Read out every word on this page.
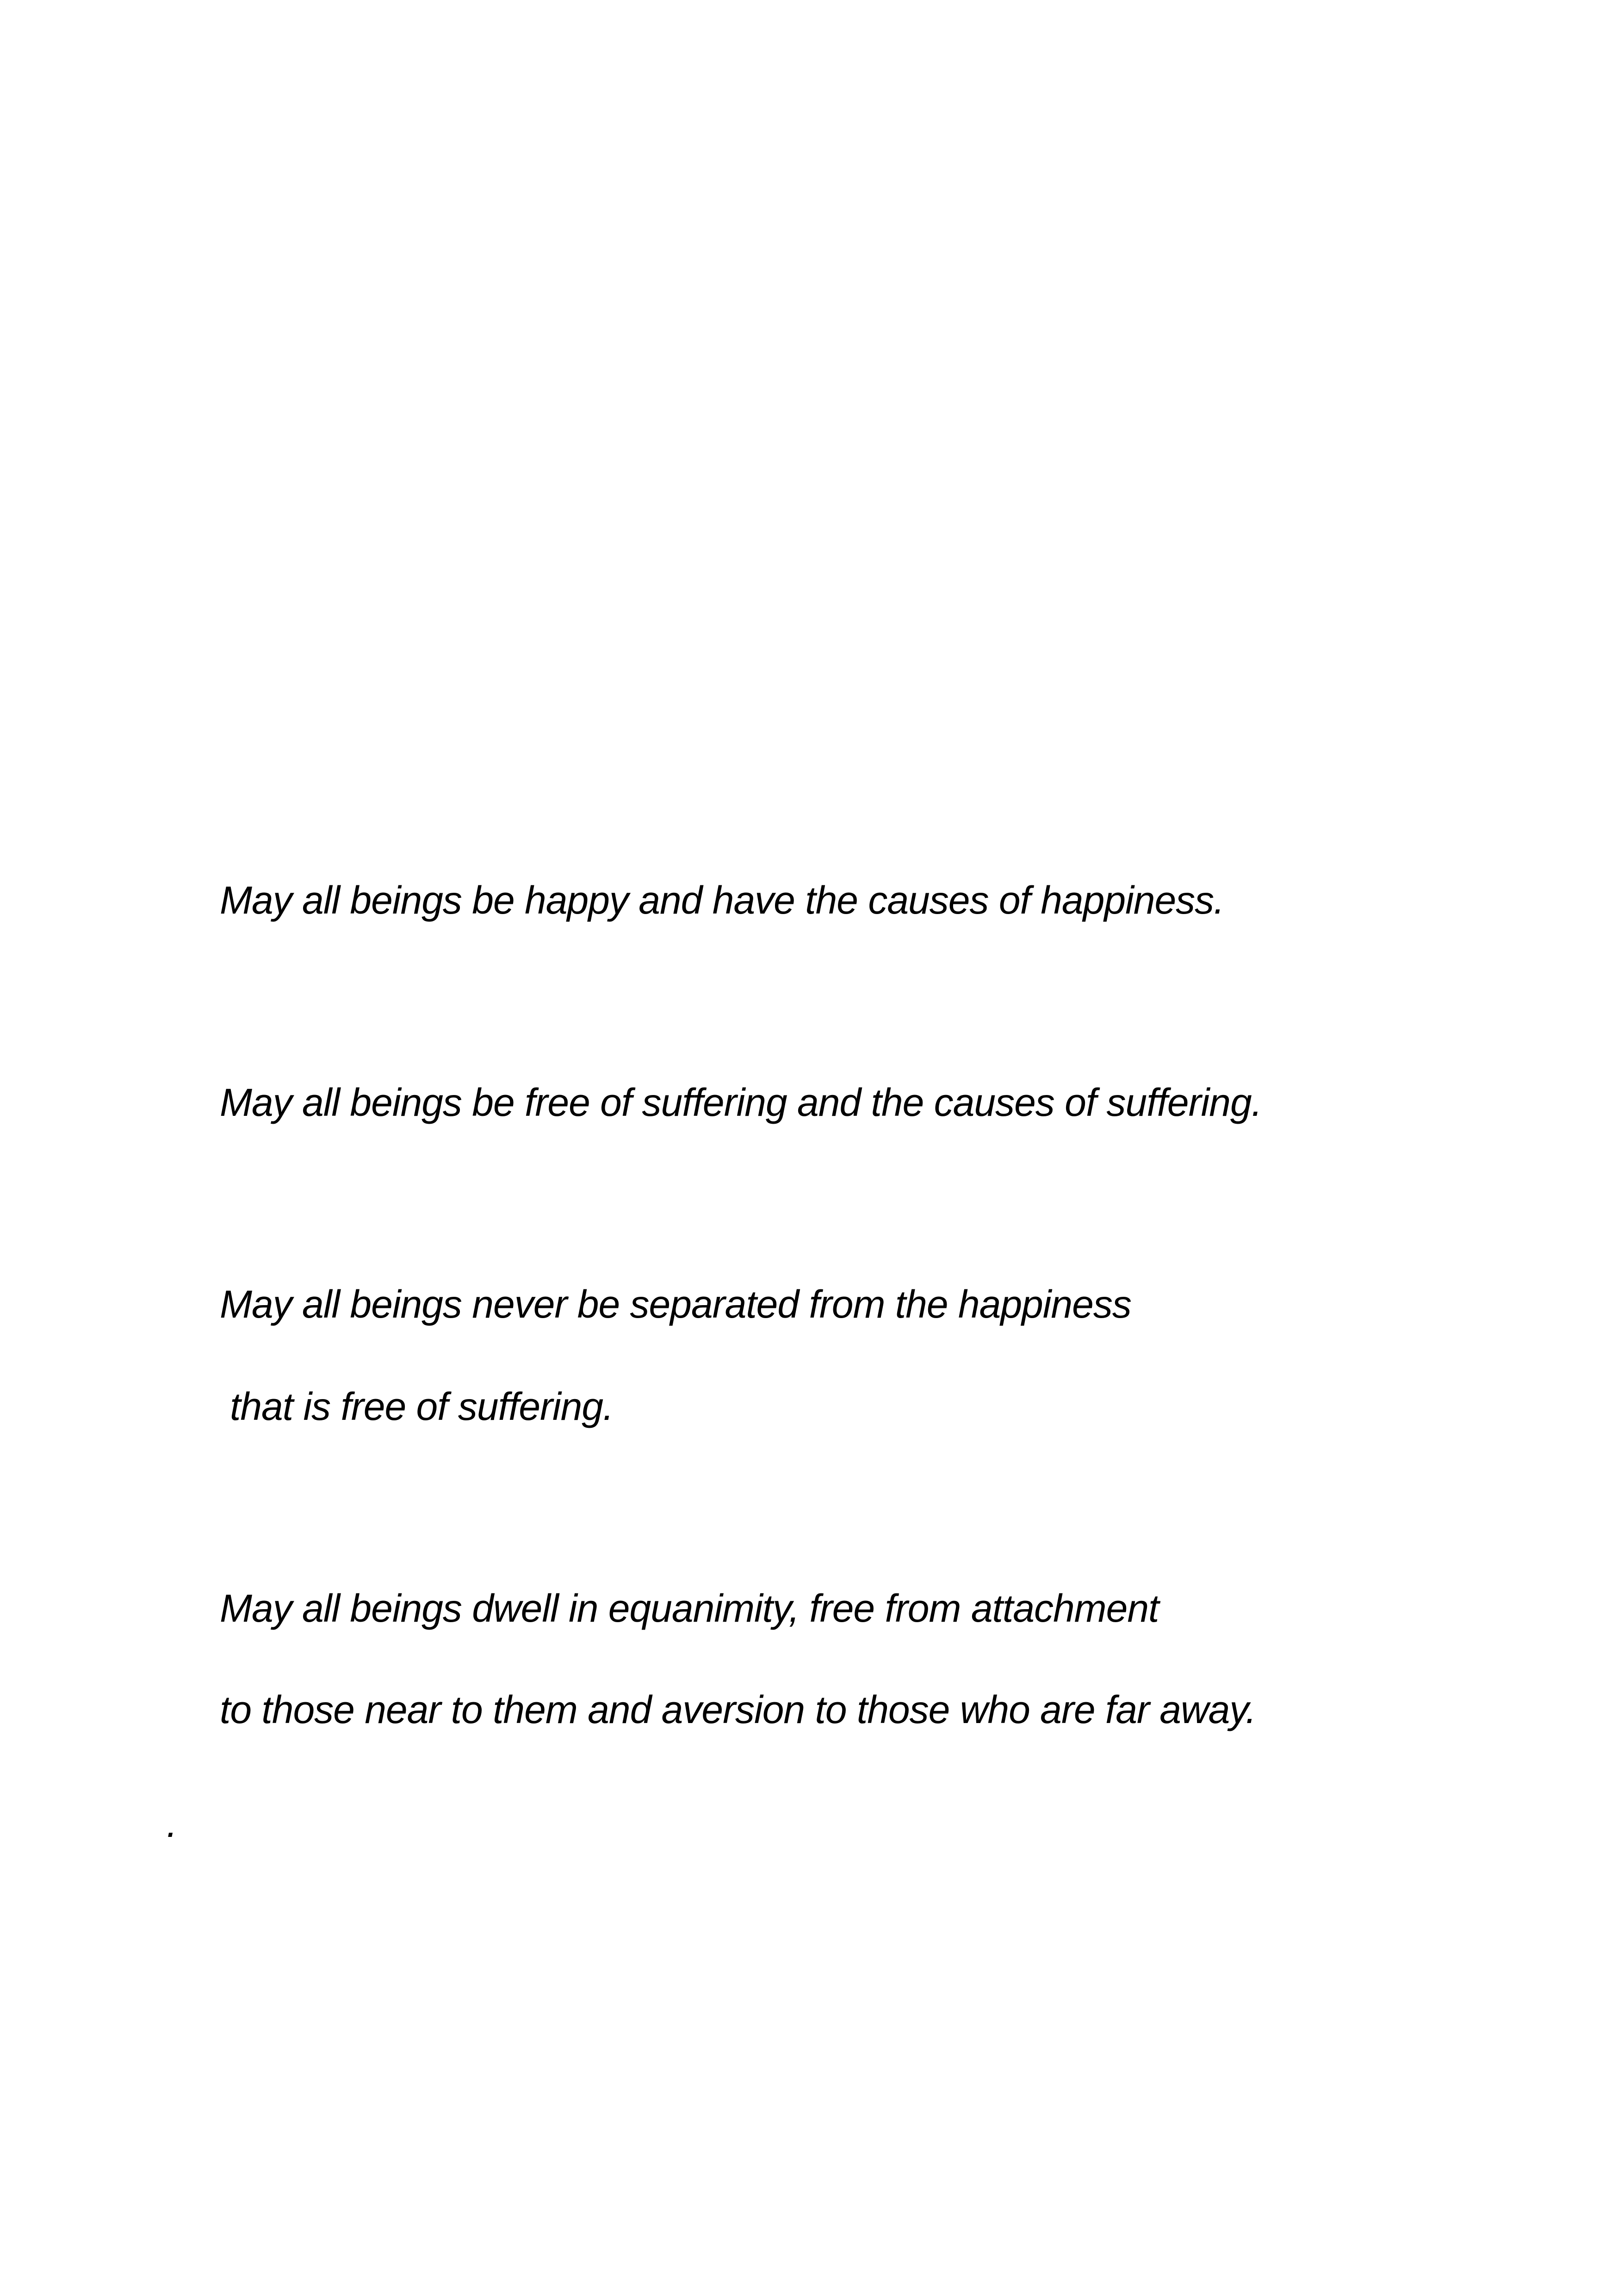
May all beings be happy and have the causes of happiness.

May all beings be free of suffering and the causes of suffering.

May all beings never be separated from the happiness

that is free of suffering.

May all beings dwell in equanimity, free from attachment

to those near to them and aversion to those who are far away.

.
